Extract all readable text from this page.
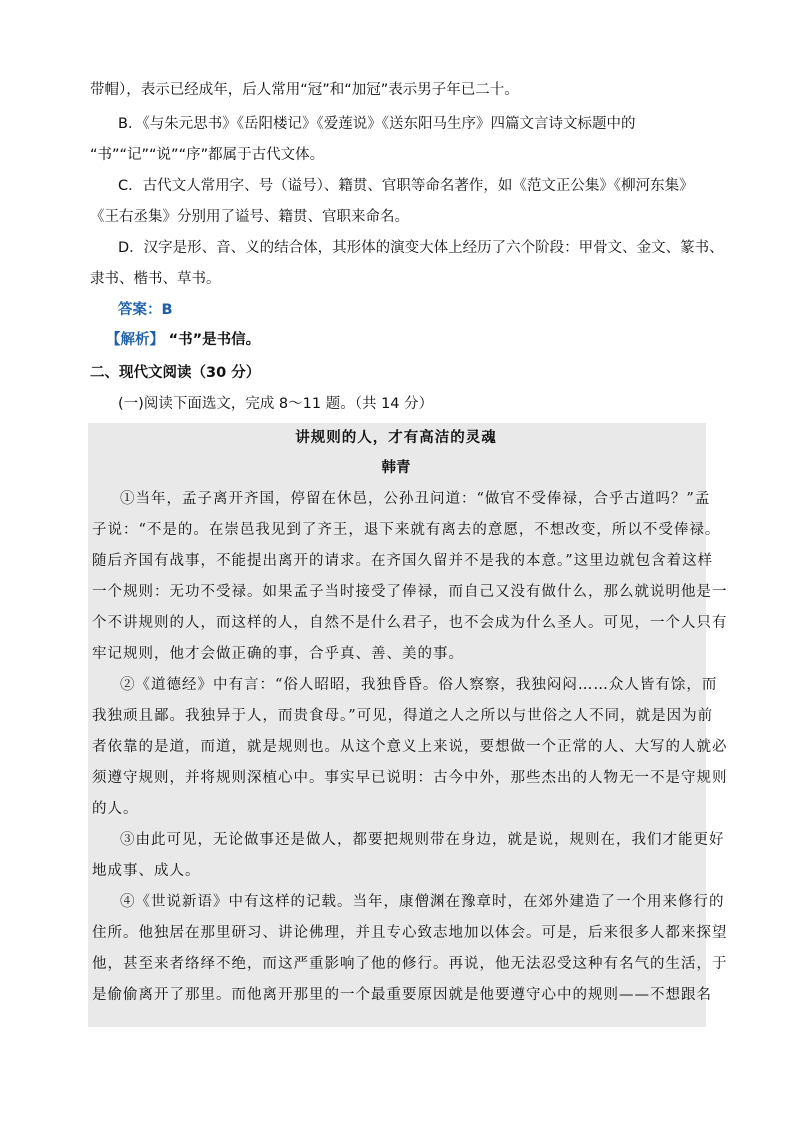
带帽），表示已经成年，后人常用“冠”和“加冠”表示男子年已二十。
B．《与朱元思书》《岳阳楼记》《爱莲说》《送东阳马生序》四篇文言诗文标题中的
“书”“记”“说”“序”都属于古代文体。
C．古代文人常用字、号（谥号）、籍贯、官职等命名著作，如《范文正公集》《柳河东集》
《王右丞集》分别用了谥号、籍贯、官职来命名。
D．汉字是形、音、义的结合体，其形体的演变大体上经历了六个阶段：甲骨文、金文、篆书、
隶书、楷书、草书。
答案：B
【解析】 “书”是书信。
二、现代文阅读（30 分）
(一)阅读下面选文，完成 8～11 题。（共 14 分）
讲规则的人，才有高洁的灵魂
韩青
①当年，孟子离开齐国，停留在休邑，公孙丑问道：“做官不受俸禄，合乎古道吗？”孟
子说：“不是的。在崇邑我见到了齐王，退下来就有离去的意愿，不想改变，所以不受俸禄。
随后齐国有战事，不能提出离开的请求。在齐国久留并不是我的本意。”这里边就包含着这样
一个规则：无功不受禄。如果孟子当时接受了俸禄，而自己又没有做什么，那么就说明他是一
个不讲规则的人，而这样的人，自然不是什么君子，也不会成为什么圣人。可见，一个人只有
牢记规则，他才会做正确的事，合乎真、善、美的事。
②《道德经》中有言：“俗人昭昭，我独昏昏。俗人察察，我独闷闷……众人皆有馀，而
我独顽且鄙。我独异于人，而贵食母。”可见，得道之人之所以与世俗之人不同，就是因为前
者依靠的是道，而道，就是规则也。从这个意义上来说，要想做一个正常的人、大写的人就必
须遵守规则，并将规则深植心中。事实早已说明：古今中外，那些杰出的人物无一不是守规则
的人。
③由此可见，无论做事还是做人，都要把规则带在身边，就是说，规则在，我们才能更好
地成事、成人。
④《世说新语》中有这样的记载。当年，康僧渊在豫章时，在郊外建造了一个用来修行的
住所。他独居在那里研习、讲论佛理，并且专心致志地加以体会。可是，后来很多人都来探望
他，甚至来者络绎不绝，而这严重影响了他的修行。再说，他无法忍受这种有名气的生活，于
是偷偷离开了那里。而他离开那里的一个最重要原因就是他要遵守心中的规则——不想跟名
